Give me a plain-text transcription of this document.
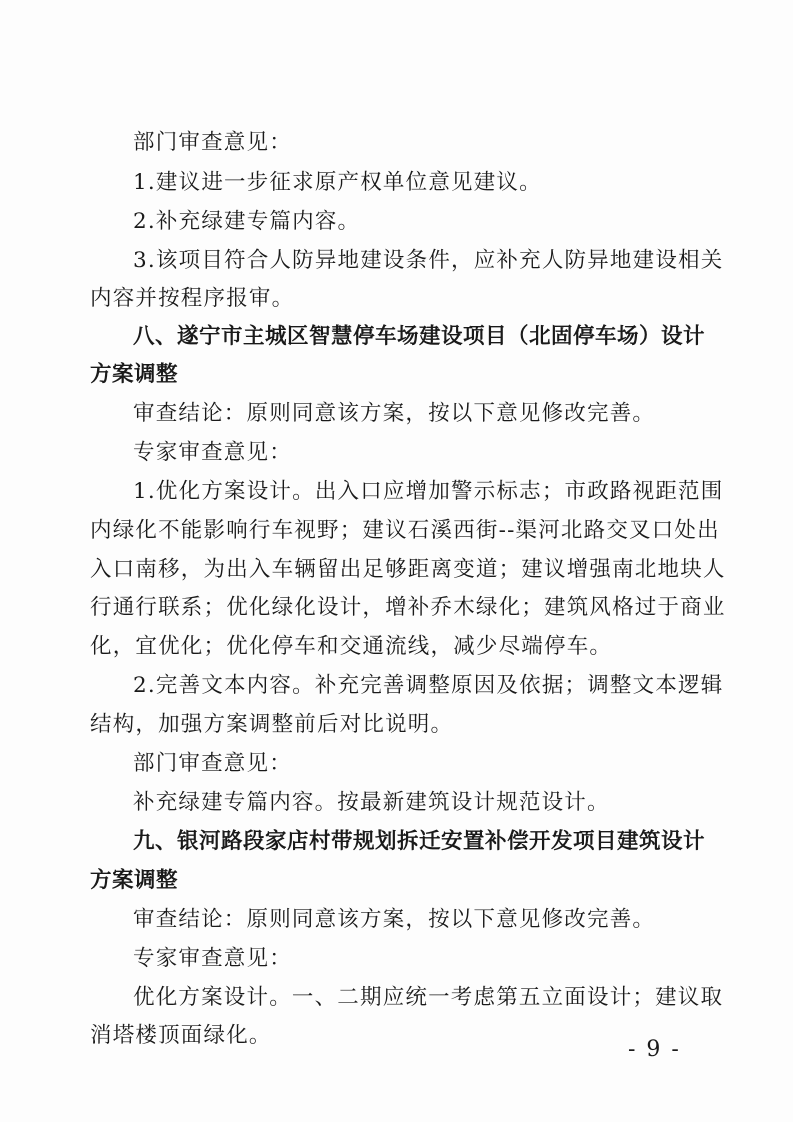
部门审查意见：
1.建议进一步征求原产权单位意见建议。
2.补充绿建专篇内容。
3.该项目符合人防异地建设条件，应补充人防异地建设相关
内容并按程序报审。
八、遂宁市主城区智慧停车场建设项目（北固停车场）设计
方案调整
审查结论：原则同意该方案，按以下意见修改完善。
专家审查意见：
1.优化方案设计。出入口应增加警示标志；市政路视距范围
内绿化不能影响行车视野；建议石溪西街--渠河北路交叉口处出
入口南移，为出入车辆留出足够距离变道；建议增强南北地块人
行通行联系；优化绿化设计，增补乔木绿化；建筑风格过于商业
化，宜优化；优化停车和交通流线，减少尽端停车。
2.完善文本内容。补充完善调整原因及依据；调整文本逻辑
结构，加强方案调整前后对比说明。
部门审查意见：
补充绿建专篇内容。按最新建筑设计规范设计。
九、银河路段家店村带规划拆迁安置补偿开发项目建筑设计
方案调整
审查结论：原则同意该方案，按以下意见修改完善。
专家审查意见：
优化方案设计。一、二期应统一考虑第五立面设计；建议取
消塔楼顶面绿化。
- 9 -
